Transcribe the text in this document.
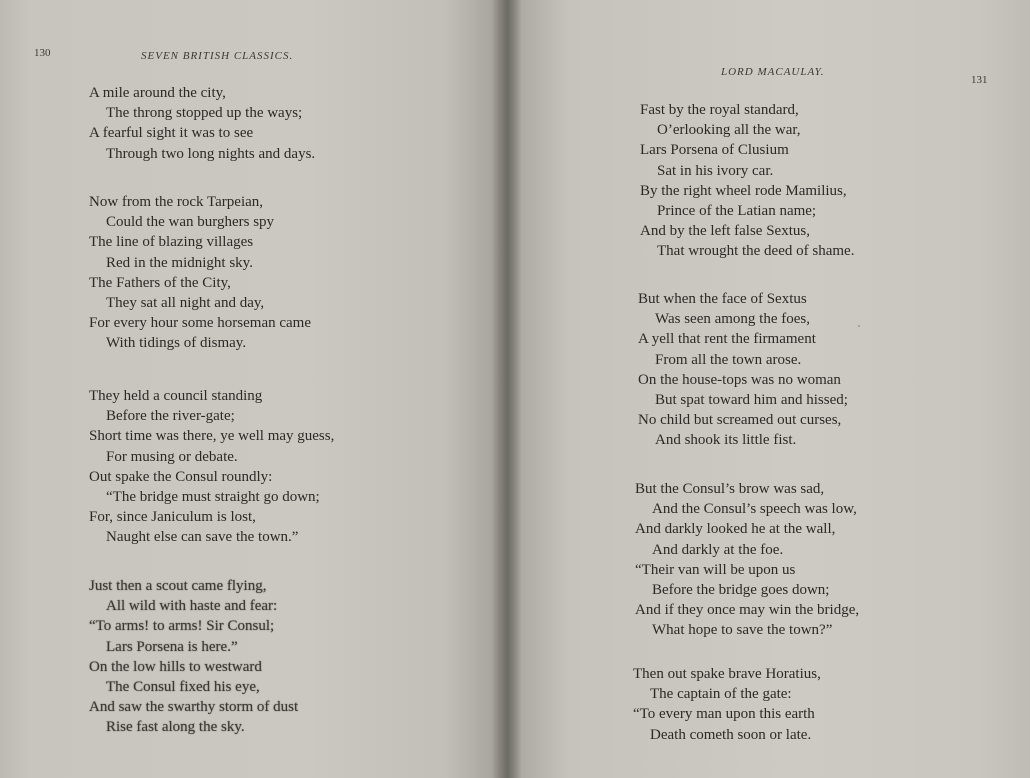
130	SEVEN BRITISH CLASSICS.
A mile around the city,
The throng stopped up the ways;
A fearful sight it was to see
Through two long nights and days.
Now from the rock Tarpeian,
Could the wan burghers spy
The line of blazing villages
Red in the midnight sky.
The Fathers of the City,
They sat all night and day,
For every hour some horseman came
With tidings of dismay.
They held a council standing
Before the river-gate;
Short time was there, ye well may guess,
For musing or debate.
Out spake the Consul roundly:
“The bridge must straight go down;
For, since Janiculum is lost,
Naught else can save the town.”
Just then a scout came flying,
All wild with haste and fear:
“To arms! to arms! Sir Consul;
Lars Porsena is here.”
On the low hills to westward
The Consul fixed his eye,
And saw the swarthy storm of dust
Rise fast along the sky.
LORD MACAULAY.
131
Fast by the royal standard,
O’erlooking all the war,
Lars Porsena of Clusium
Sat in his ivory car.
By the right wheel rode Mamilius,
Prince of the Latian name;
And by the left false Sextus,
That wrought the deed of shame.
But when the face of Sextus
Was seen among the foes,
A yell that rent the firmament
From all the town arose.
On the house-tops was no woman
But spat toward him and hissed;
No child but screamed out curses,
And shook its little fist.
But the Consul’s brow was sad,
And the Consul’s speech was low,
And darkly looked he at the wall,
And darkly at the foe.
“Their van will be upon us
Before the bridge goes down;
And if they once may win the bridge,
What hope to save the town?”
Then out spake brave Horatius,
The captain of the gate:
“To every man upon this earth
Death cometh soon or late.
